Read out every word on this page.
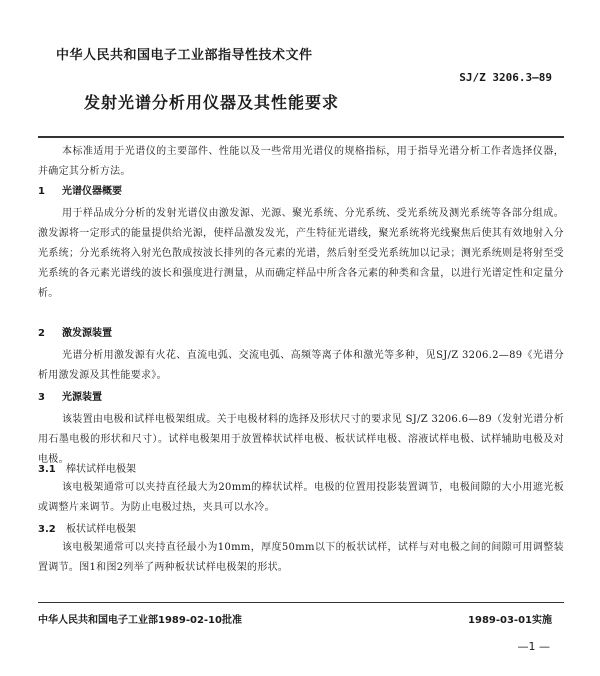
中华人民共和国电子工业部指导性技术文件
SJ/Z 3206.3—89
发射光谱分析用仪器及其性能要求
本标准适用于光谱仪的主要部件、性能以及一些常用光谱仪的规格指标，用于指导光谱分析工作者选择仪器，并确定其分析方法。
1 光谱仪器概要
用于样品成分分析的发射光谱仪由激发源、光源、聚光系统、分光系统、受光系统及测光系统等各部分组成。激发源将一定形式的能量提供给光源，使样品激发发光，产生特征光谱线，聚光系统将光线聚焦后使其有效地射入分光系统；分光系统将入射光色散成按波长排列的各元素的光谱，然后射至受光系统加以记录；测光系统则是将射至受光系统的各元素光谱线的波长和强度进行测量，从而确定样品中所含各元素的种类和含量，以进行光谱定性和定量分析。
2 激发源装置
光谱分析用激发源有火花、直流电弧、交流电弧、高频等离子体和激光等多种，见SJ/Z 3206.2—89《光谱分析用激发源及其性能要求》。
3 光源装置
该装置由电极和试样电极架组成。关于电极材料的选择及形状尺寸的要求见 SJ/Z 3206.6—89（发射光谱分析用石墨电极的形状和尺寸）。试样电极架用于放置棒状试样电极、板状试样电极、溶液试样电极、试样辅助电极及对电极。
3.1 棒状试样电极架
该电极架通常可以夹持直径最大为20mm的棒状试样。电极的位置用投影装置调节，电极间隙的大小用遮光板或调整片来调节。为防止电极过热，夹具可以水冷。
3.2 板状试样电极架
该电极架通常可以夹持直径最小为10mm，厚度50mm以下的板状试样，试样与对电极之间的间隙可用调整装置调节。图1和图2列举了两种板状试样电极架的形状。
中华人民共和国电子工业部1989-02-10批准	1989-03-01实施
—1 —
